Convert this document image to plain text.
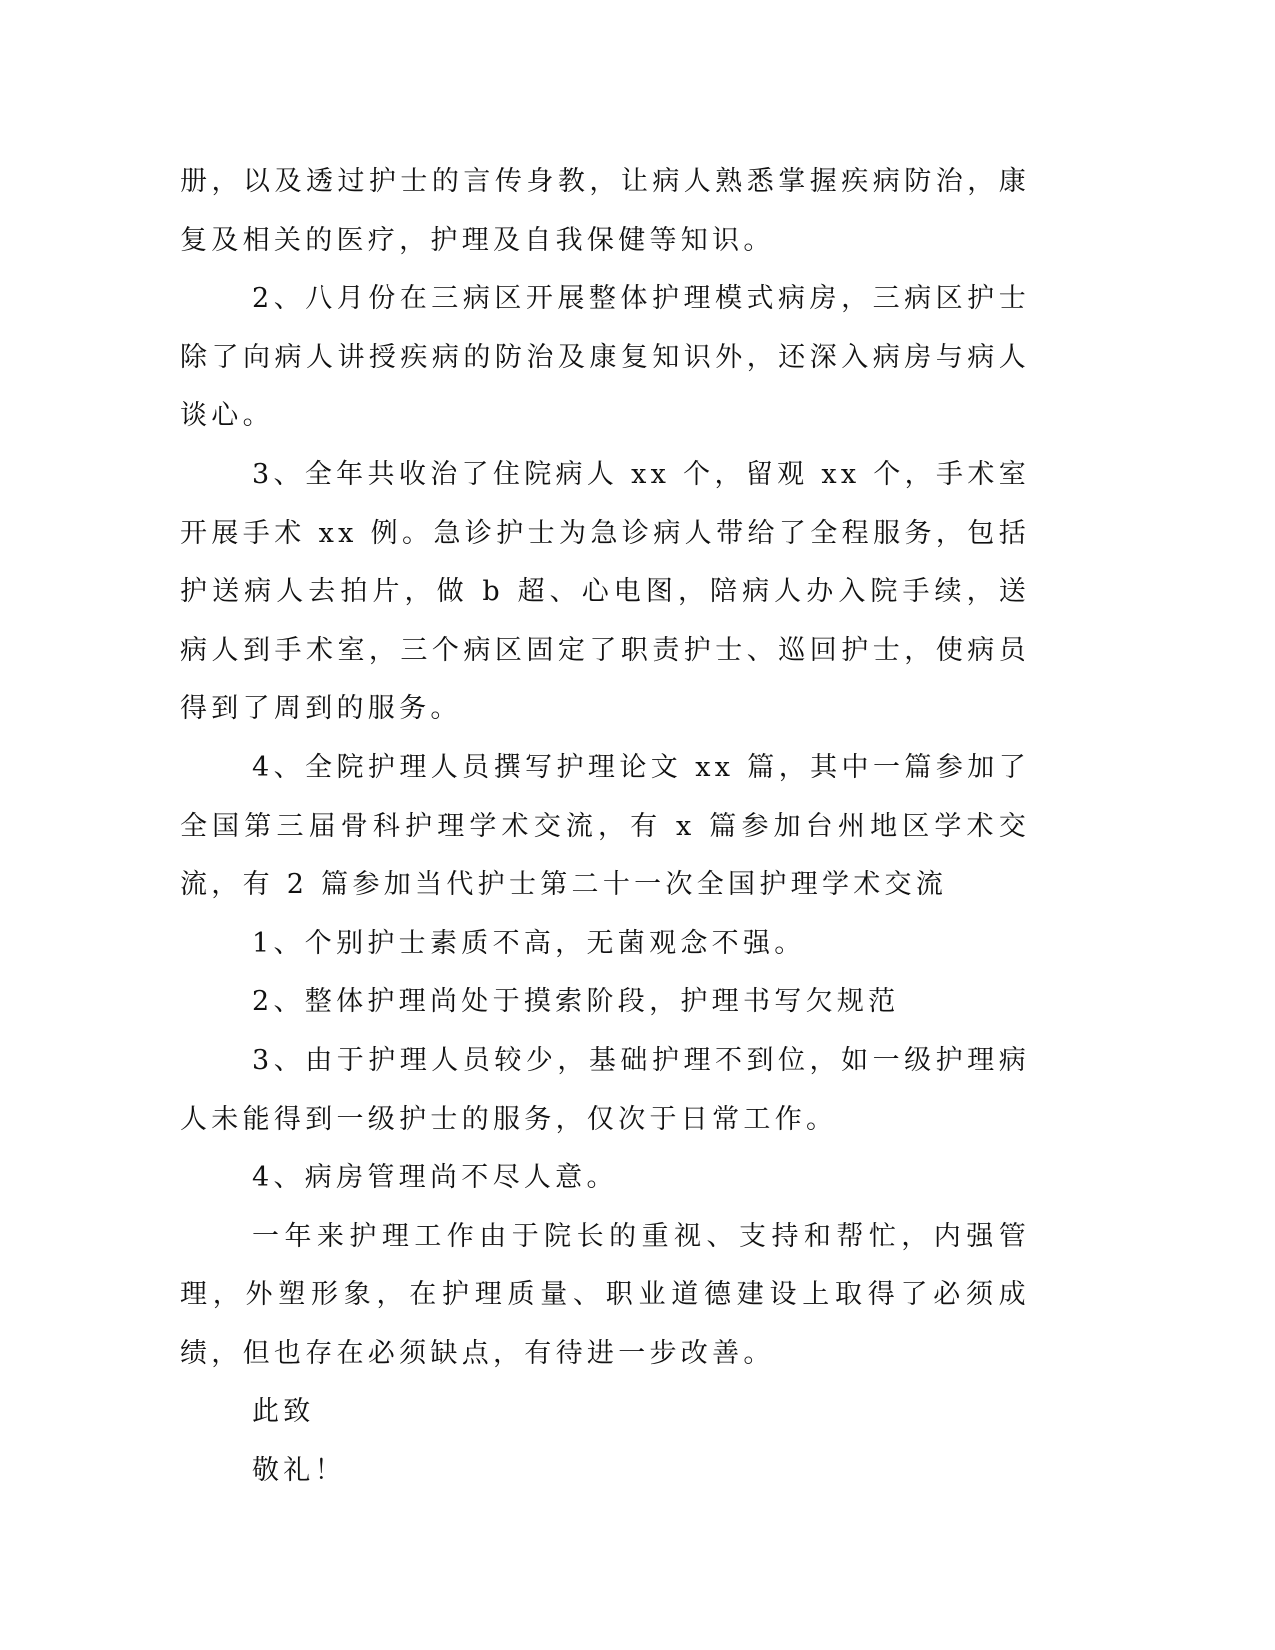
册，以及透过护士的言传身教，让病人熟悉掌握疾病防治，康复及相关的医疗，护理及自我保健等知识。

2、八月份在三病区开展整体护理模式病房，三病区护士除了向病人讲授疾病的防治及康复知识外，还深入病房与病人谈心。

3、全年共收治了住院病人 xx 个，留观 xx 个，手术室开展手术 xx 例。急诊护士为急诊病人带给了全程服务，包括护送病人去拍片，做 b 超、心电图，陪病人办入院手续，送病人到手术室，三个病区固定了职责护士、巡回护士，使病员得到了周到的服务。

4、全院护理人员撰写护理论文 xx 篇，其中一篇参加了全国第三届骨科护理学术交流，有 x 篇参加台州地区学术交流，有 2 篇参加当代护士第二十一次全国护理学术交流

1、个别护士素质不高，无菌观念不强。

2、整体护理尚处于摸索阶段，护理书写欠规范

3、由于护理人员较少，基础护理不到位，如一级护理病人未能得到一级护士的服务，仅次于日常工作。

4、病房管理尚不尽人意。

一年来护理工作由于院长的重视、支持和帮忙，内强管理，外塑形象，在护理质量、职业道德建设上取得了必须成绩，但也存在必须缺点，有待进一步改善。

此致

敬礼！
